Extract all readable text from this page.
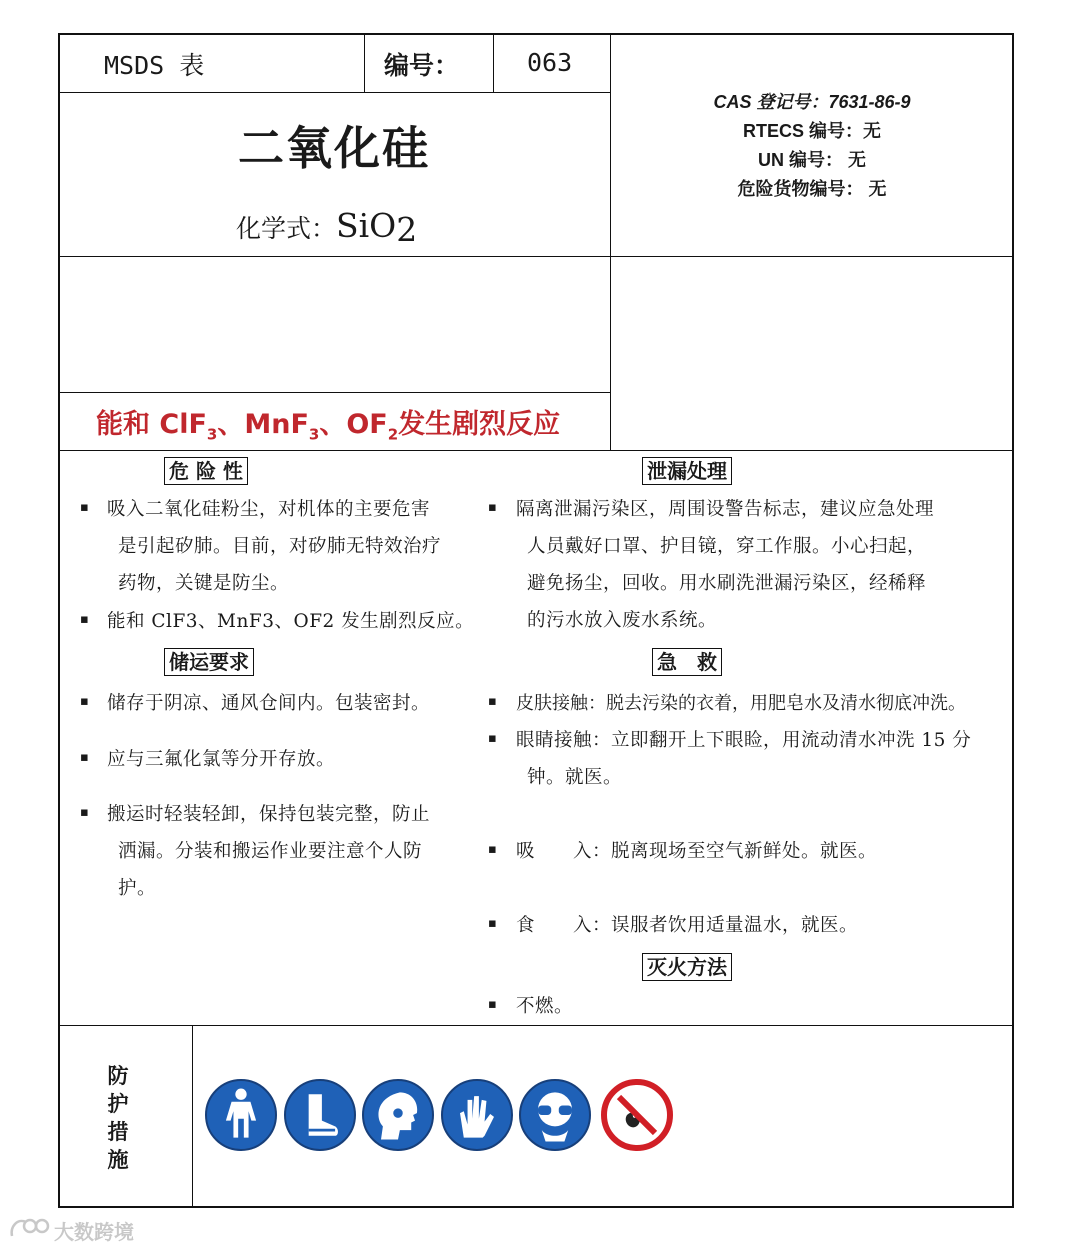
MSDS 表	编号：	063
二氧化硅
化学式：SiO$_2$
CAS 登记号：7631-86-9
RTECS 编号：无
UN 编号： 无
危险货物编号： 无
能和 ClF$_3$、MnF$_3$、$OF_2$发生剧烈反应
危 险 性	泄漏处理
储运要求	急　救
灭火方法
▪
▪
▪
▪
▪
▪
▪
▪
▪
▪
▪
吸入二氧化硅粉尘，对机体的主要危害
是引起矽肺。目前，对矽肺无特效治疗
药物，关键是防尘。
能和 ClF3、MnF3、OF2 发生剧烈反应。
储存于阴凉、通风仓间内。包装密封。
应与三氟化氯等分开存放。
搬运时轻装轻卸，保持包装完整，防止
洒漏。分装和搬运作业要注意个人防
护。
隔离泄漏污染区，周围设警告标志，建议应急处理
人员戴好口罩、护目镜，穿工作服。小心扫起，
避免扬尘，回收。用水刷洗泄漏污染区，经稀释
的污水放入废水系统。
皮肤接触：脱去污染的衣着，用肥皂水及清水彻底冲洗。
眼睛接触：立即翻开上下眼睑，用流动清水冲洗 15 分
钟。就医。
吸　　入：脱离现场至空气新鲜处。就医。
食　　入：误服者饮用适量温水，就医。
不燃。
防
护
措
施
大数跨境
